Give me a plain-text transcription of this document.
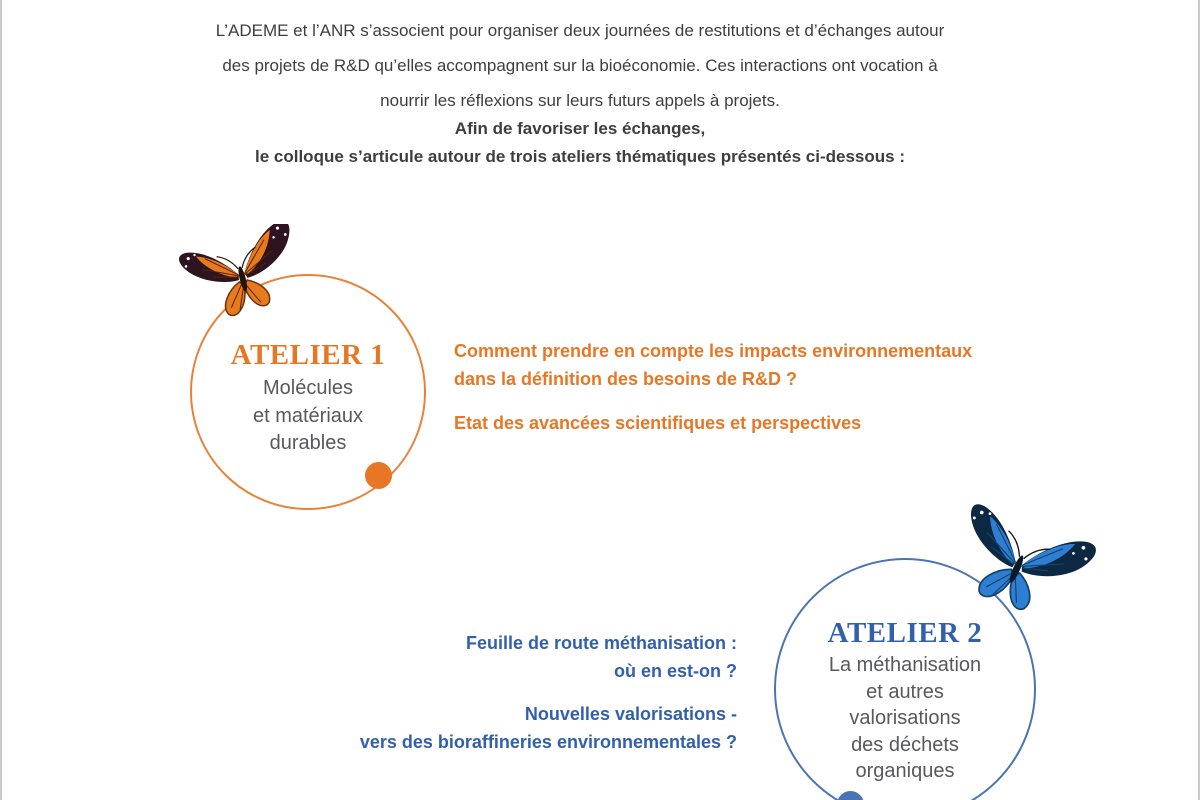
L’ADEME et l’ANR s’associent pour organiser deux journées de restitutions et d’échanges autour
des projets de R&D qu’elles accompagnent sur la bioéconomie. Ces interactions ont vocation à
nourrir les réflexions sur leurs futurs appels à projets.
Afin de favoriser les échanges,
le colloque s’articule autour de trois ateliers thématiques présentés ci-dessous :
ATELIER 1
Molécules
et matériaux
durables

Comment prendre en compte les impacts environnementaux
dans la définition des besoins de R&D ?

Etat des avancées scientifiques et perspectives

Feuille de route méthanisation :
où en est-on ?

Nouvelles valorisations -
vers des bioraffineries environnementales ?

ATELIER 2
La méthanisation
et autres
valorisations
des déchets
organiques
